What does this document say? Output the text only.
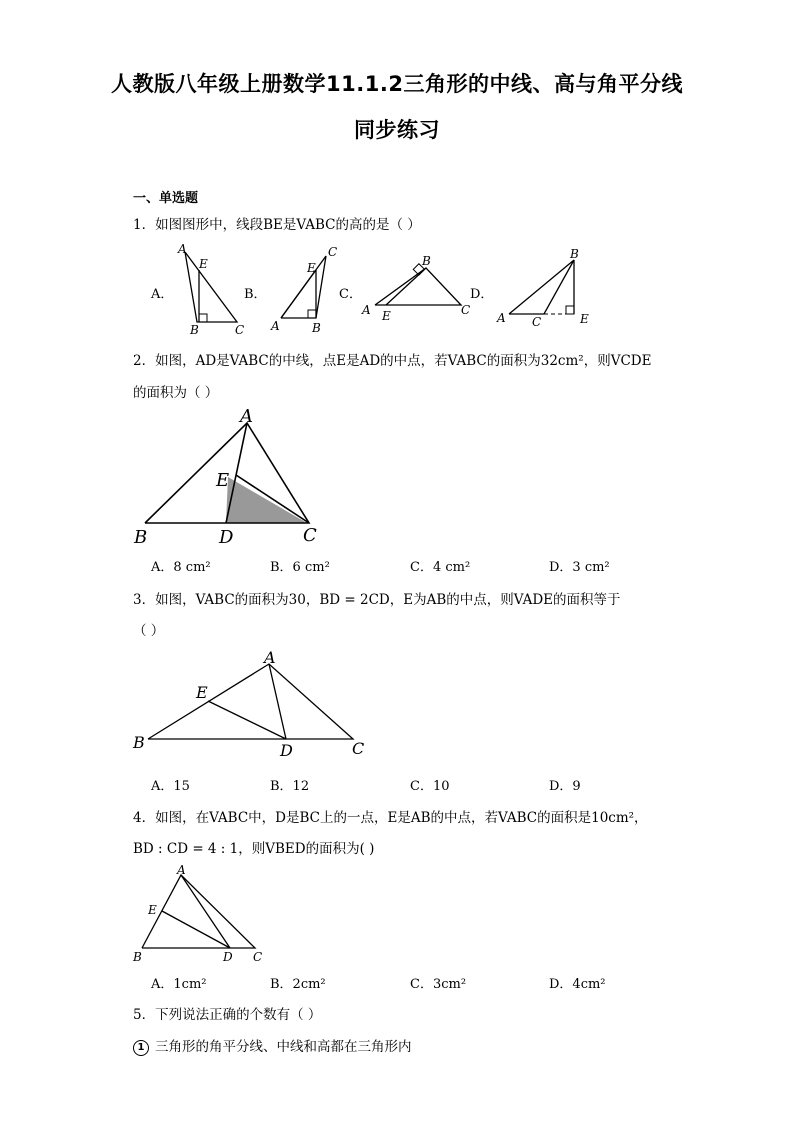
人教版八年级上册数学11.1.2三角形的中线、高与角平分线
同步练习
一、单选题
1．如图图形中，线段BE是VABC的高的是（ ）
A．	B．	C．	D．
A
E
B	C
C
E
A	B
B
A E	C
B
A C	E
2．如图，AD是VABC的中线，点E是AD的中点，若VABC的面积为32cm²，则VCDE
的面积为（ ）
A
E
B	D	C
A．8 cm²	B．6 cm²	C．4 cm²	D．3 cm²
3．如图，VABC的面积为30，BD = 2CD，E为AB的中点，则VADE的面积等于
（ ）
A
E
B	D	C
A．15	B．12	C．10	D．9
4．如图，在VABC中，D是BC上的一点，E是AB的中点，若VABC的面积是10cm²，
BD : CD = 4 : 1，则VBED的面积为( )
A
E
B	D C
A．1cm²	B．2cm²	C．3cm²	D．4cm²
5．下列说法正确的个数有（ ）
1 三角形的角平分线、中线和高都在三角形内
